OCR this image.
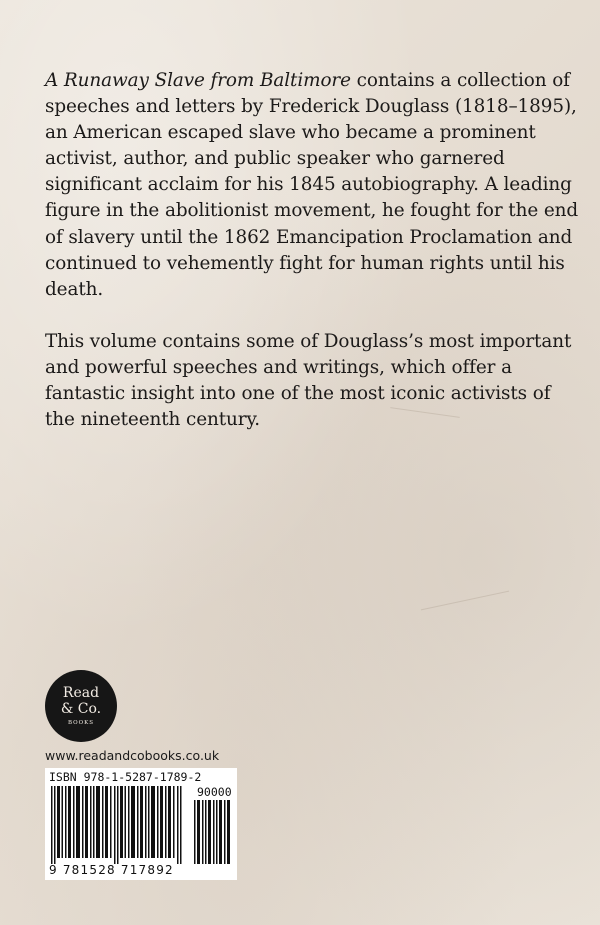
A Runaway Slave from Baltimore contains a collection of speeches and letters by Frederick Douglass (1818–1895), an American escaped slave who became a prominent activist, author, and public speaker who garnered significant acclaim for his 1845 autobiography. A leading figure in the abolitionist movement, he fought for the end of slavery until the 1862 Emancipation Proclamation and continued to vehemently fight for human rights until his death.

This volume contains some of Douglass’s most important and powerful speeches and writings, which offer a fantastic insight into one of the most iconic activists of the nineteenth century.

Read
& Co.
BOOKS
www.readandcobooks.co.uk
ISBN 978-1-5287-1789-2
90000
9 781528 717892
